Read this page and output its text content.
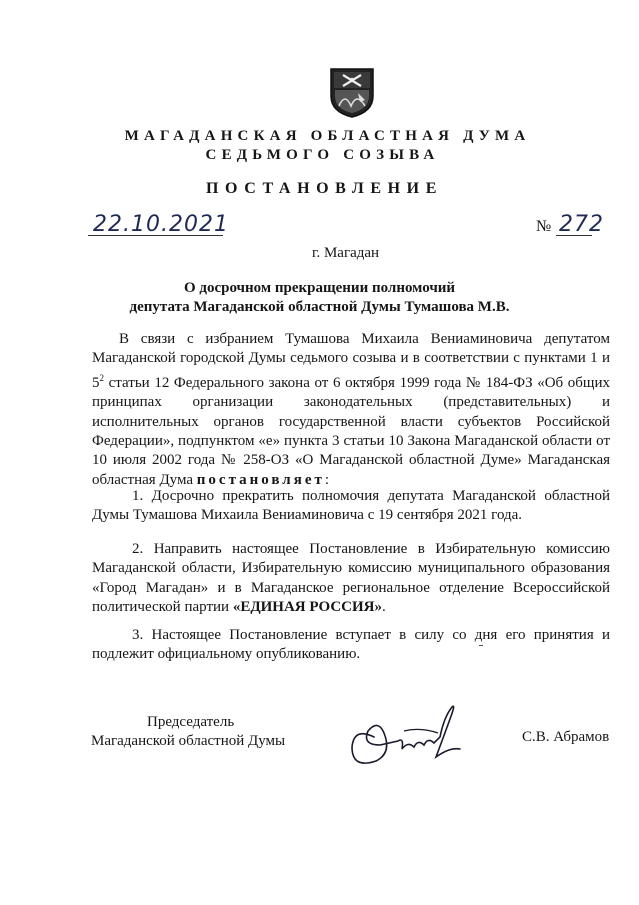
МАГАДАНСКАЯ ОБЛАСТНАЯ ДУМА
СЕДЬМОГО СОЗЫВА
ПОСТАНОВЛЕНИЕ
22.10.2021	№ 272
г. Магадан
О досрочном прекращении полномочий
депутата Магаданской областной Думы Тумашова М.В.
В связи с избранием Тумашова Михаила Вениаминовича депутатом Магаданской городской Думы седьмого созыва и в соответствии с пунктами 1 и $5^2$ статьи 12 Федерального закона от 6 октября 1999 года № 184-ФЗ «Об общих принципах организации законодательных (представительных) и исполнительных органов государственной власти субъектов Российской Федерации», подпунктом «е» пункта 3 статьи 10 Закона Магаданской области от 10 июля 2002 года № 258-ОЗ «О Магаданской областной Думе» Магаданская областная Дума постановляет:
1. Досрочно прекратить полномочия депутата Магаданской областной Думы Тумашова Михаила Вениаминовича с 19 сентября 2021 года.
2. Направить настоящее Постановление в Избирательную комиссию Магаданской области, Избирательную комиссию муниципального образования «Город Магадан» и в Магаданское региональное отделение Всероссийской политической партии «ЕДИНАЯ РОССИЯ».
3. Настоящее Постановление вступает в силу со дня его принятия и подлежит официальному опубликованию.
Председатель
Магаданской областной Думы	С.В. Абрамов
